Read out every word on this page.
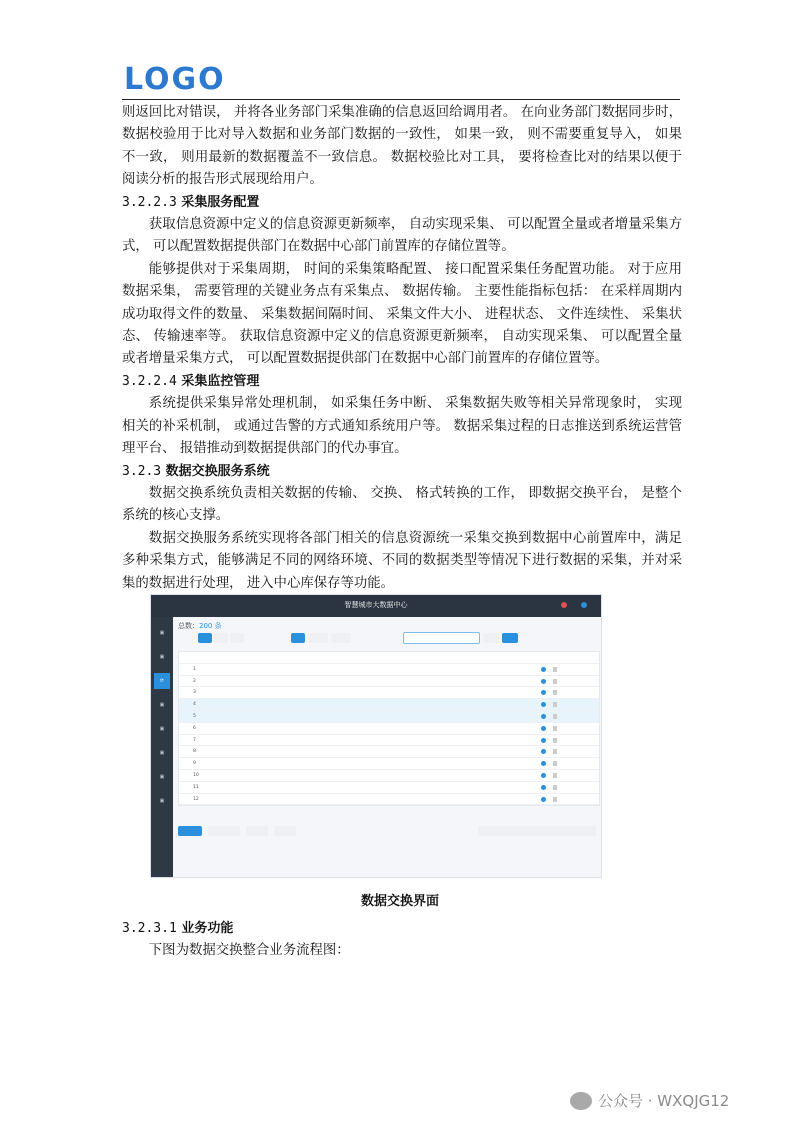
LOGO

则返回比对错误， 并将各业务部门采集准确的信息返回给调用者。 在向业务部门数据同步时， 数据校验用于比对导入数据和业务部门数据的一致性， 如果一致， 则不需要重复导入， 如果不一致， 则用最新的数据覆盖不一致信息。 数据校验比对工具， 要将检查比对的结果以便于阅读分析的报告形式展现给用户。

3.2.2.3 采集服务配置

获取信息资源中定义的信息资源更新频率， 自动实现采集、 可以配置全量或者增量采集方式， 可以配置数据提供部门在数据中心部门前置库的存储位置等。

能够提供对于采集周期， 时间的采集策略配置、 接口配置采集任务配置功能。 对于应用数据采集， 需要管理的关键业务点有采集点、 数据传输。 主要性能指标包括： 在采样周期内成功取得文件的数量、 采集数据间隔时间、 采集文件大小、 进程状态、 文件连续性、 采集状态、 传输速率等。 获取信息资源中定义的信息资源更新频率， 自动实现采集、 可以配置全量或者增量采集方式， 可以配置数据提供部门在数据中心部门前置库的存储位置等。

3.2.2.4 采集监控管理

系统提供采集异常处理机制， 如采集任务中断、 采集数据失败等相关异常现象时， 实现相关的补采机制， 或通过告警的方式通知系统用户等。 数据采集过程的日志推送到系统运营管理平台、 报错推动到数据提供部门的代办事宜。

3.2.3 数据交换服务系统

数据交换系统负责相关数据的传输、 交换、 格式转换的工作， 即数据交换平台， 是整个系统的核心支撑。

数据交换服务系统实现将各部门相关的信息资源统一采集交换到数据中心前置库中，满足多种采集方式，能够满足不同的网络环境、不同的数据类型等情况下进行数据的采集，并对采集的数据进行处理， 进入中心库保存等功能。

智慧城市大数据中心
▣
▣
⟳
▣
▣
▣
▣
▣
总数：200 条
1
2
3
4
5
6
7
8
9
10
11
12
数据交换界面

3.2.3.1 业务功能

下图为数据交换整合业务流程图：

公众号 · WXQJG12
